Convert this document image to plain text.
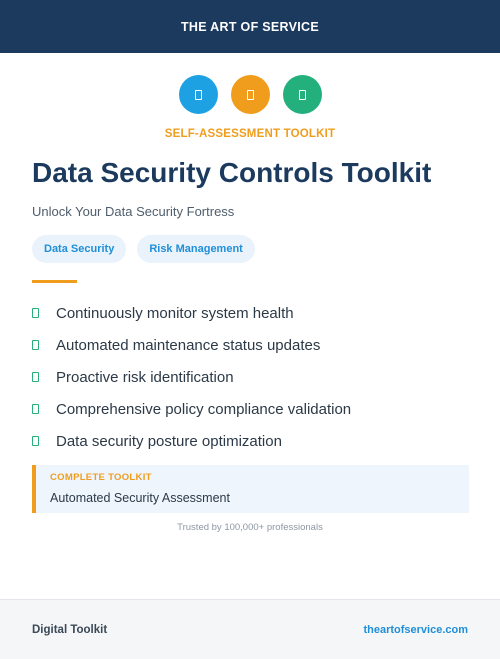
THE ART OF SERVICE
SELF-ASSESSMENT TOOLKIT
Data Security Controls Toolkit
Unlock Your Data Security Fortress
Data Security	Risk Management
Continuously monitor system health
Automated maintenance status updates
Proactive risk identification
Comprehensive policy compliance validation
Data security posture optimization
COMPLETE TOOLKIT
Automated Security Assessment
Trusted by 100,000+ professionals
Digital Toolkit	theartofservice.com
